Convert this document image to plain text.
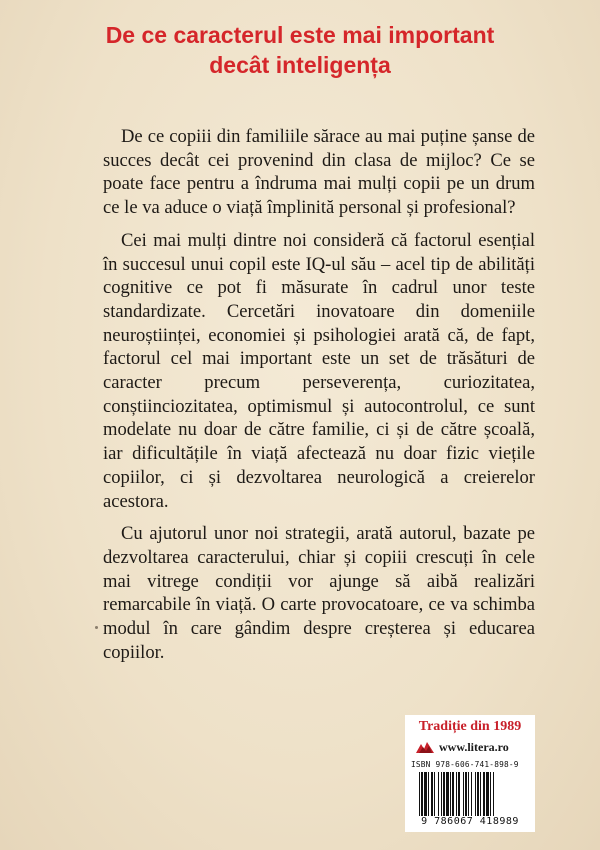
De ce caracterul este mai important
decât inteligența

De ce copiii din familiile sărace au mai puține șanse de succes decât cei provenind din clasa de mijloc? Ce se poate face pentru a îndruma mai mulți copii pe un drum ce le va aduce o viață împlinită personal și profesional?

Cei mai mulți dintre noi consideră că factorul esențial în succesul unui copil este IQ-ul său – acel tip de abilități cognitive ce pot fi măsurate în cadrul unor teste standardizate. Cercetări inovatoare din domeniile neuroștiinței, economiei și psihologiei arată că, de fapt, factorul cel mai important este un set de trăsături de caracter precum perseverența, curiozitatea, conștiinciozitatea, optimismul și autocontrolul, ce sunt modelate nu doar de către familie, ci și de către școală, iar dificultățile în viață afectează nu doar fizic viețile copiilor, ci și dezvoltarea neurologică a creierelor acestora.

Cu ajutorul unor noi strategii, arată autorul, bazate pe dezvoltarea caracterului, chiar și copiii crescuți în cele mai vitrege condiții vor ajunge să aibă realizări remarcabile în viață. O carte provocatoare, ce va schimba modul în care gândim despre creșterea și educarea copiilor.

Tradiție din 1989
www.litera.ro
ISBN 978-606-741-898-9
9 786067 418989
